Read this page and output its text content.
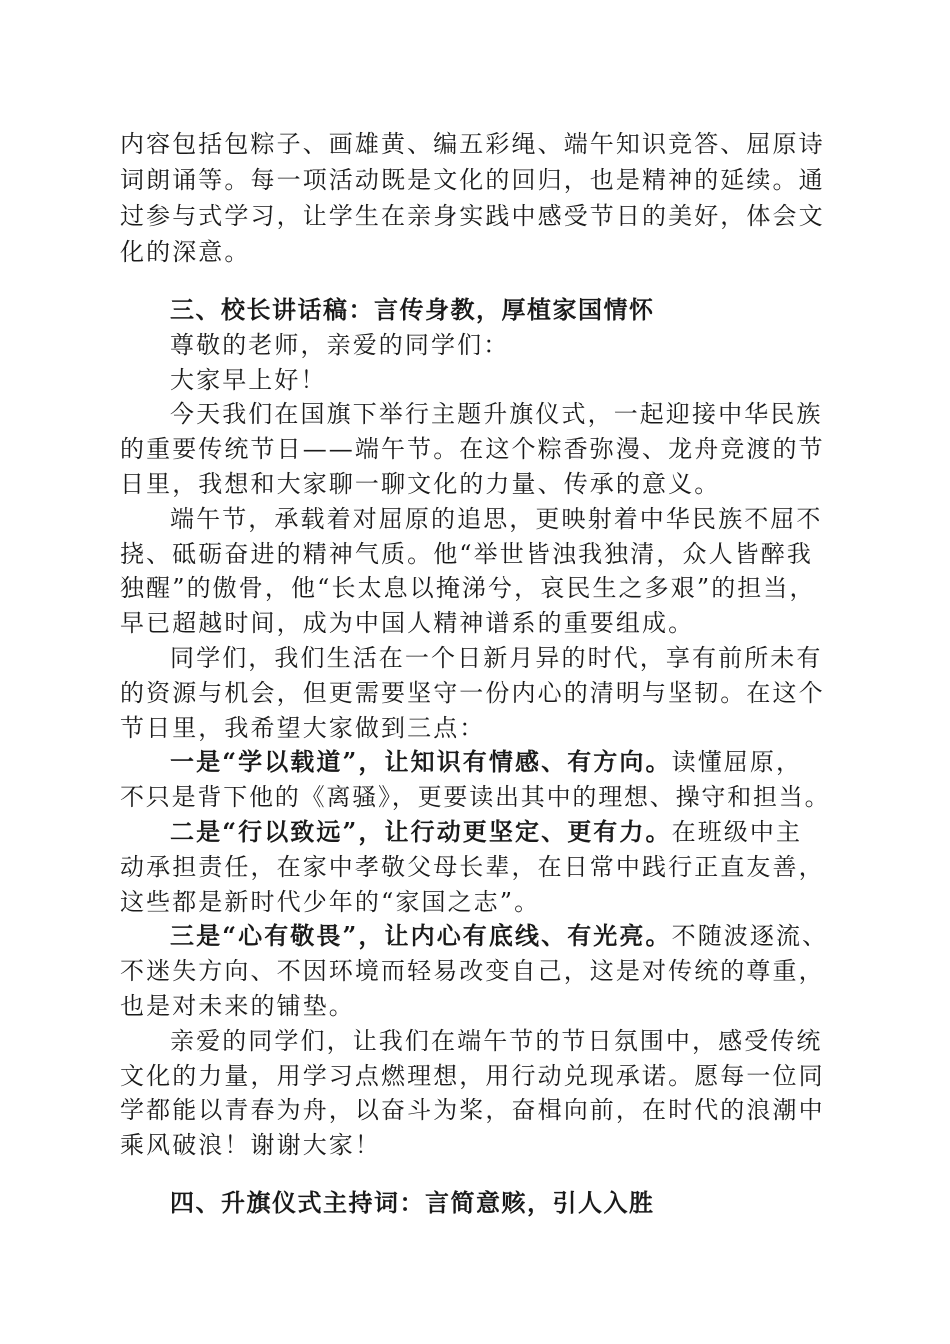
内容包括包粽子、画雄黄、编五彩绳、端午知识竞答、屈原诗
词朗诵等。每一项活动既是文化的回归，也是精神的延续。通
过参与式学习，让学生在亲身实践中感受节日的美好，体会文
化的深意。
三、校长讲话稿：言传身教，厚植家国情怀
尊敬的老师，亲爱的同学们：
大家早上好！
今天我们在国旗下举行主题升旗仪式，一起迎接中华民族
的重要传统节日——端午节。在这个粽香弥漫、龙舟竞渡的节
日里，我想和大家聊一聊文化的力量、传承的意义。
端午节，承载着对屈原的追思，更映射着中华民族不屈不
挠、砥砺奋进的精神气质。他“举世皆浊我独清，众人皆醉我
独醒”的傲骨，他“长太息以掩涕兮，哀民生之多艰”的担当，
早已超越时间，成为中国人精神谱系的重要组成。
同学们，我们生活在一个日新月异的时代，享有前所未有
的资源与机会，但更需要坚守一份内心的清明与坚韧。在这个
节日里，我希望大家做到三点：
一是“学以载道”，让知识有情感、有方向。读懂屈原，
不只是背下他的《离骚》，更要读出其中的理想、操守和担当。
二是“行以致远”，让行动更坚定、更有力。在班级中主
动承担责任，在家中孝敬父母长辈，在日常中践行正直友善，
这些都是新时代少年的“家国之志”。
三是“心有敬畏”，让内心有底线、有光亮。不随波逐流、
不迷失方向、不因环境而轻易改变自己，这是对传统的尊重，
也是对未来的铺垫。
亲爱的同学们，让我们在端午节的节日氛围中，感受传统
文化的力量，用学习点燃理想，用行动兑现承诺。愿每一位同
学都能以青春为舟，以奋斗为桨，奋楫向前，在时代的浪潮中
乘风破浪！谢谢大家！
四、升旗仪式主持词：言简意赅，引人入胜
